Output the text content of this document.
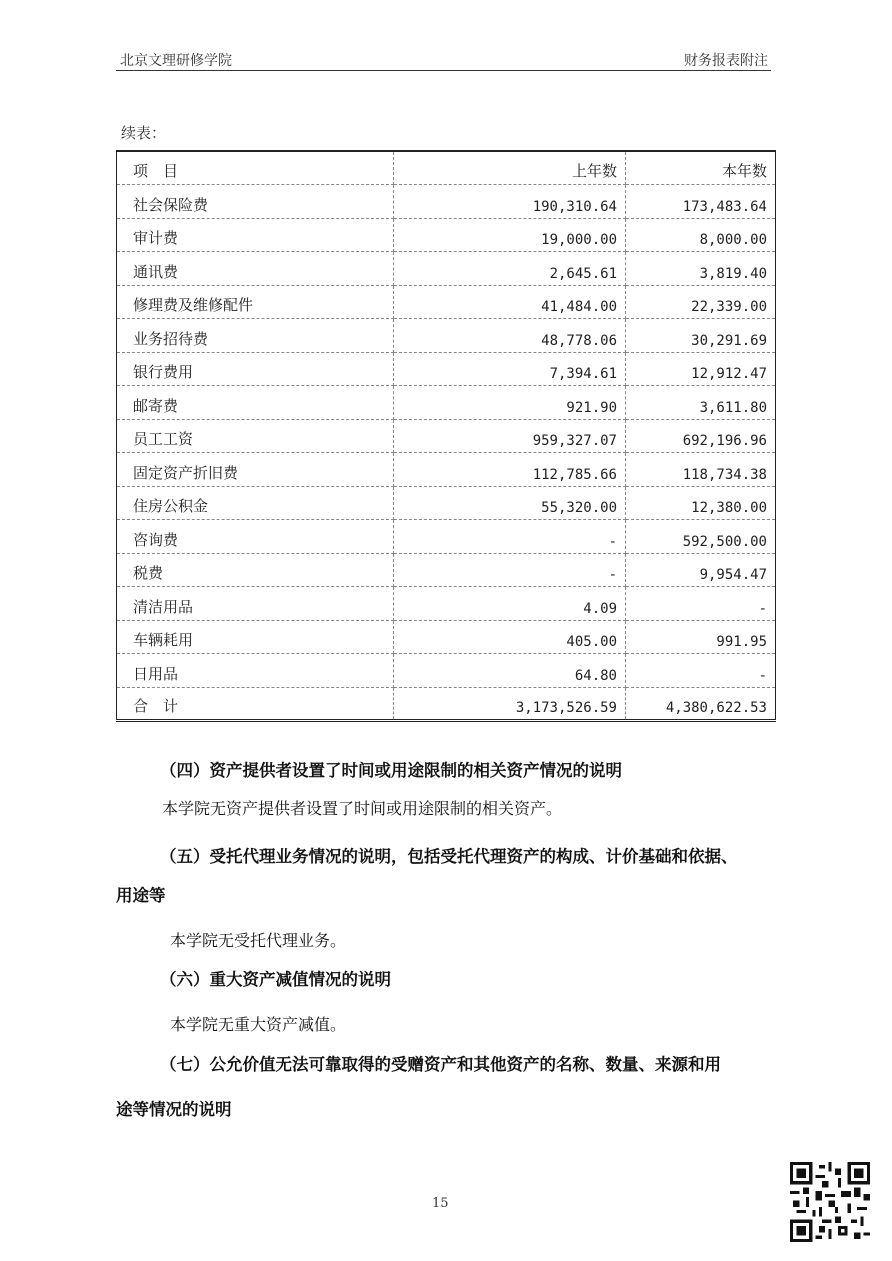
北京文理研修学院	财务报表附注
续表：
项　目	上年数	本年数
社会保险费	190,310.64	173,483.64
审计费	19,000.00	8,000.00
通讯费	2,645.61	3,819.40
修理费及维修配件	41,484.00	22,339.00
业务招待费	48,778.06	30,291.69
银行费用	7,394.61	12,912.47
邮寄费	921.90	3,611.80
员工工资	959,327.07	692,196.96
固定资产折旧费	112,785.66	118,734.38
住房公积金	55,320.00	12,380.00
咨询费	-	592,500.00
税费	-	9,954.47
清洁用品	4.09	-
车辆耗用	405.00	991.95
日用品	64.80	-
合　计	3,173,526.59	4,380,622.53
（四）资产提供者设置了时间或用途限制的相关资产情况的说明
本学院无资产提供者设置了时间或用途限制的相关资产。
（五）受托代理业务情况的说明，包括受托代理资产的构成、计价基础和依据、
用途等
本学院无受托代理业务。
（六）重大资产减值情况的说明
本学院无重大资产减值。
（七）公允价值无法可靠取得的受赠资产和其他资产的名称、数量、来源和用
途等情况的说明
15
